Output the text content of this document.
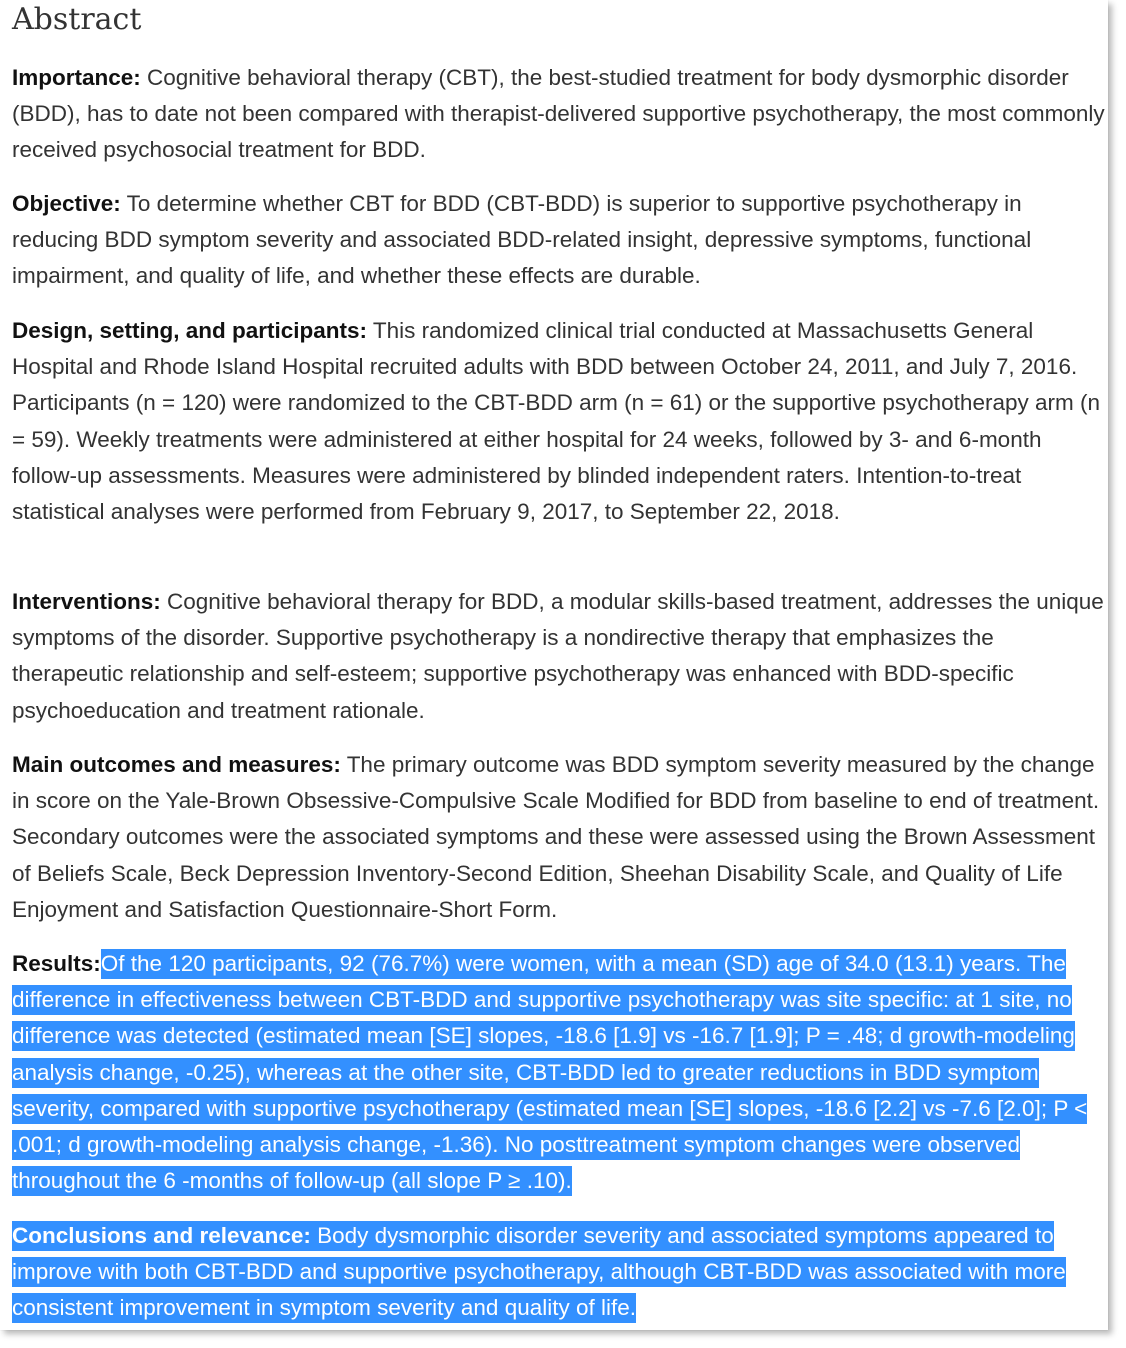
Abstract

Importance: Cognitive behavioral therapy (CBT), the best-studied treatment for body dysmorphic disorder (BDD), has to date not been compared with therapist-delivered supportive psychotherapy, the most commonly received psychosocial treatment for BDD.

Objective: To determine whether CBT for BDD (CBT-BDD) is superior to supportive psychotherapy in reducing BDD symptom severity and associated BDD-related insight, depressive symptoms, functional impairment, and quality of life, and whether these effects are durable.

Design, setting, and participants: This randomized clinical trial conducted at Massachusetts General Hospital and Rhode Island Hospital recruited adults with BDD between October 24, 2011, and July 7, 2016. Participants (n = 120) were randomized to the CBT-BDD arm (n = 61) or the supportive psychotherapy arm (n = 59). Weekly treatments were administered at either hospital for 24 weeks, followed by 3- and 6-month follow-up assessments. Measures were administered by blinded independent raters. Intention-to-treat statistical analyses were performed from February 9, 2017, to September 22, 2018.

Interventions: Cognitive behavioral therapy for BDD, a modular skills-based treatment, addresses the unique symptoms of the disorder. Supportive psychotherapy is a nondirective therapy that emphasizes the therapeutic relationship and self-esteem; supportive psychotherapy was enhanced with BDD-specific psychoeducation and treatment rationale.

Main outcomes and measures: The primary outcome was BDD symptom severity measured by the change in score on the Yale-Brown Obsessive-Compulsive Scale Modified for BDD from baseline to end of treatment. Secondary outcomes were the associated symptoms and these were assessed using the Brown Assessment of Beliefs Scale, Beck Depression Inventory-Second Edition, Sheehan Disability Scale, and Quality of Life Enjoyment and Satisfaction Questionnaire-Short Form.

Results:Of the 120 participants, 92 (76.7%) were women, with a mean (SD) age of 34.0 (13.1) years. The difference in effectiveness between CBT-BDD and supportive psychotherapy was site specific: at 1 site, no difference was detected (estimated mean [SE] slopes, -18.6 [1.9] vs -16.7 [1.9]; P = .48; d growth-modeling analysis change, -0.25), whereas at the other site, CBT-BDD led to greater reductions in BDD symptom severity, compared with supportive psychotherapy (estimated mean [SE] slopes, -18.6 [2.2] vs -7.6 [2.0]; P < .001; d growth-modeling analysis change, -1.36). No posttreatment symptom changes were observed throughout the 6 -months of follow-up (all slope P ≥ .10).

Conclusions and relevance: Body dysmorphic disorder severity and associated symptoms appeared to improve with both CBT-BDD and supportive psychotherapy, although CBT-BDD was associated with more consistent improvement in symptom severity and quality of life.
